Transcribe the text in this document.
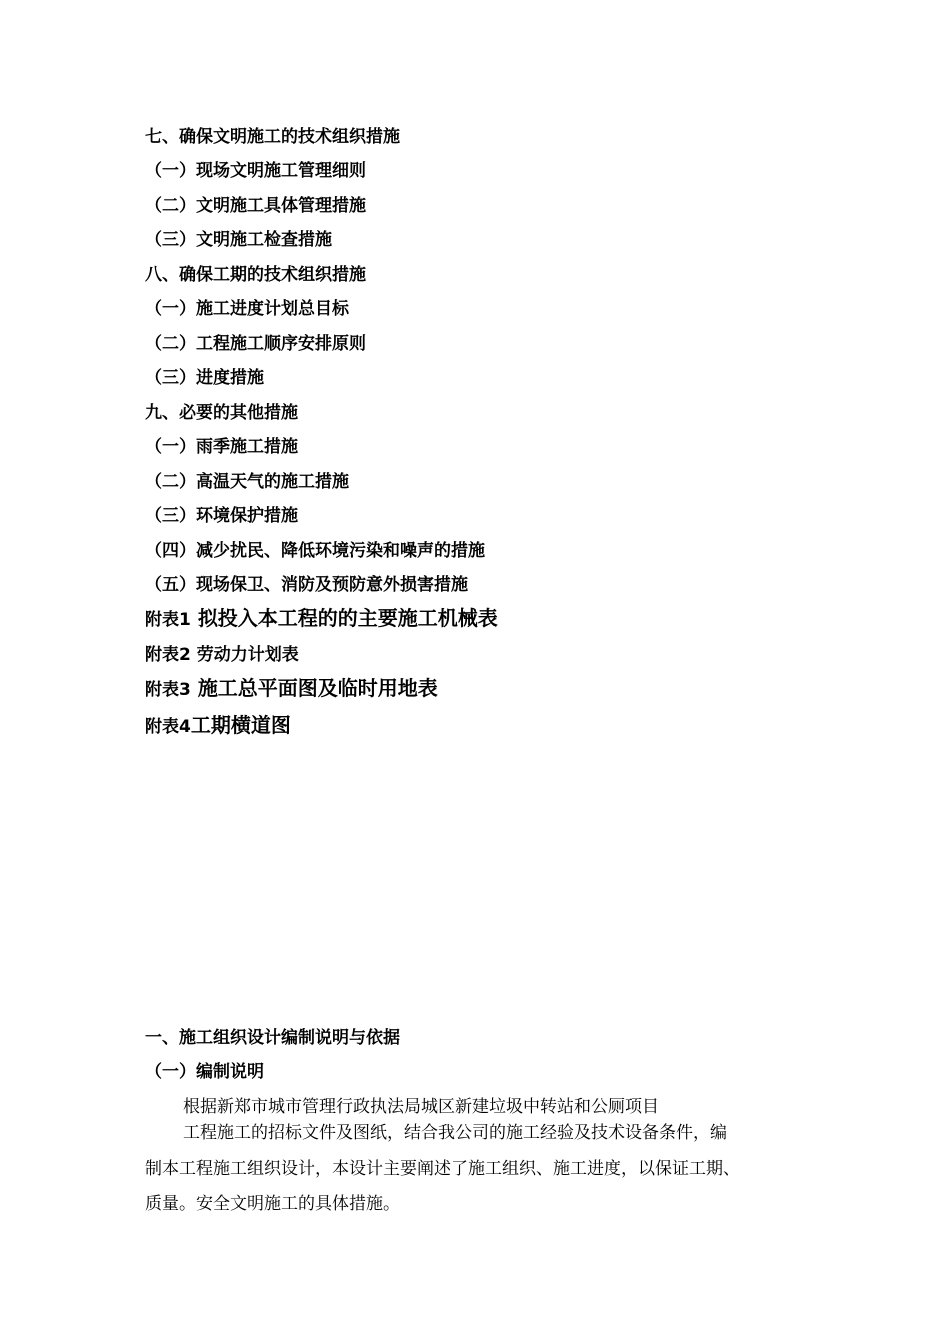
七、确保文明施工的技术组织措施
（一）现场文明施工管理细则
（二）文明施工具体管理措施
（三）文明施工检查措施
八、确保工期的技术组织措施
（一）施工进度计划总目标
（二）工程施工顺序安排原则
（三）进度措施
九、必要的其他措施
（一）雨季施工措施
（二）高温天气的施工措施
（三）环境保护措施
（四）减少扰民、降低环境污染和噪声的措施
（五）现场保卫、消防及预防意外损害措施
附表1 拟投入本工程的的主要施工机械表
附表2 劳动力计划表
附表3 施工总平面图及临时用地表
附表4工期横道图
一、施工组织设计编制说明与依据
（一）编制说明
根据新郑市城市管理行政执法局城区新建垃圾中转站和公厕项目
工程施工的招标文件及图纸，结合我公司的施工经验及技术设备条件，编
制本工程施工组织设计，本设计主要阐述了施工组织、施工进度，以保证工期、
质量。安全文明施工的具体措施。
